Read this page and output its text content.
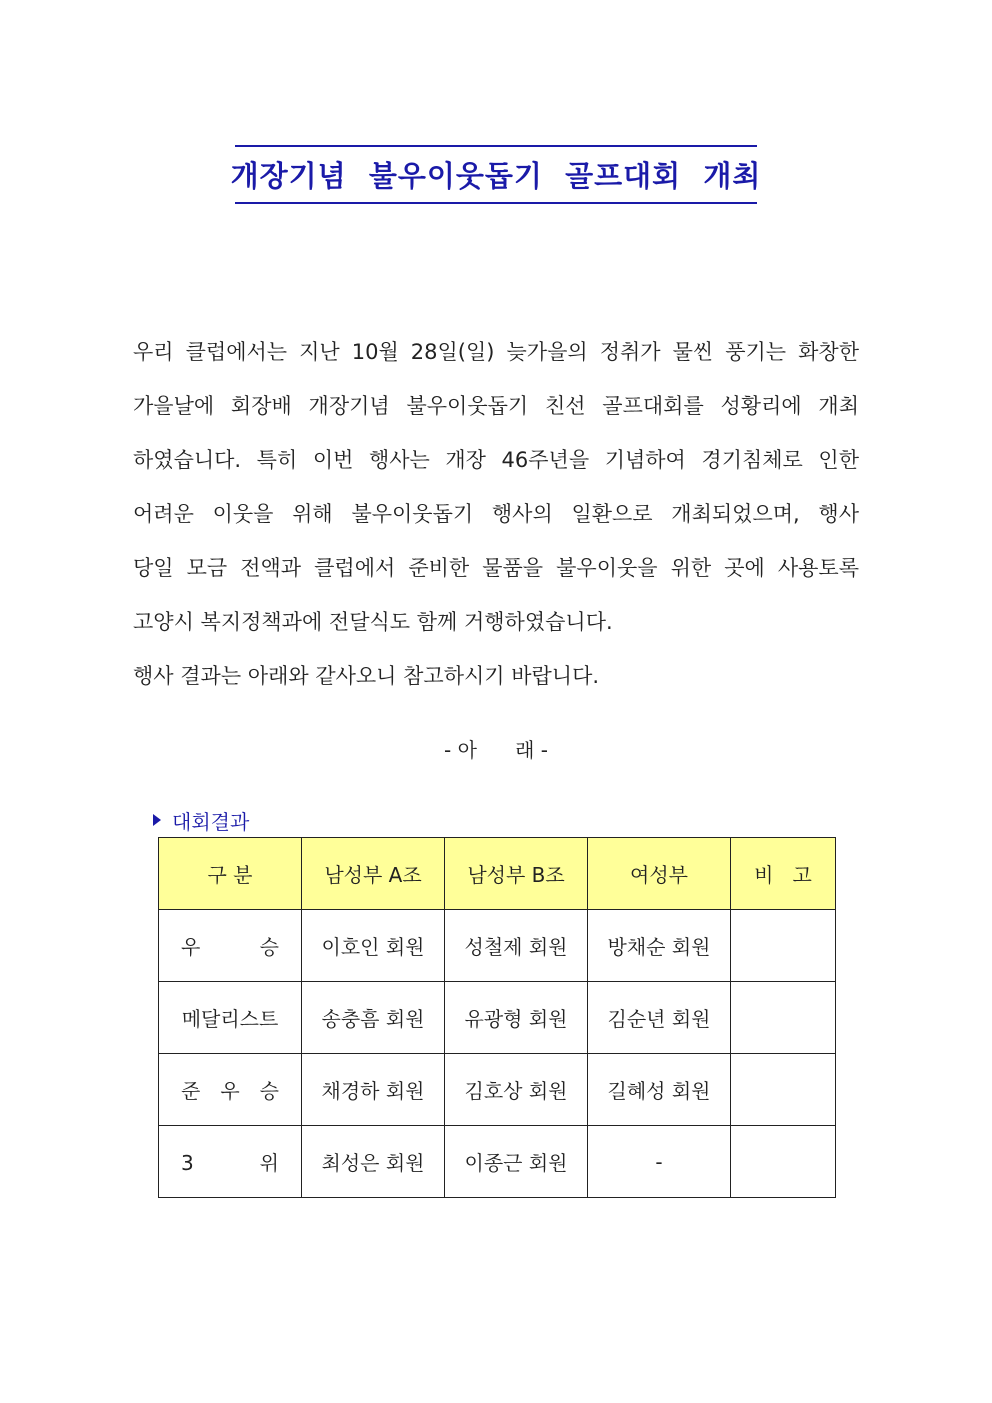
개장기념  불우이웃돕기  골프대회  개최
우리 클럽에서는 지난 10월 28일(일) 늦가을의 정취가 물씬 풍기는 화창한
가을날에 회장배 개장기념 불우이웃돕기 친선 골프대회를 성황리에 개최
하였습니다. 특히 이번 행사는 개장 46주년을 기념하여 경기침체로 인한
어려운 이웃을 위해 불우이웃돕기 행사의 일환으로 개최되었으며, 행사
당일 모금 전액과 클럽에서 준비한 물품을 불우이웃을 위한 곳에 사용토록
고양시 복지정책과에 전달식도 함께 거행하였습니다.
행사 결과는 아래와 같사오니 참고하시기 바랍니다.
- 아      래 -
대회결과
구 분	남성부 A조	남성부 B조	여성부	비   고
우 승	이호인 회원	성철제 회원	방채순 회원	
메달리스트	송충흠 회원	유광형 회원	김순년 회원	
준 우 승	채경하 회원	김호상 회원	길혜성 회원	
3 위	최성은 회원	이종근 회원	-	
